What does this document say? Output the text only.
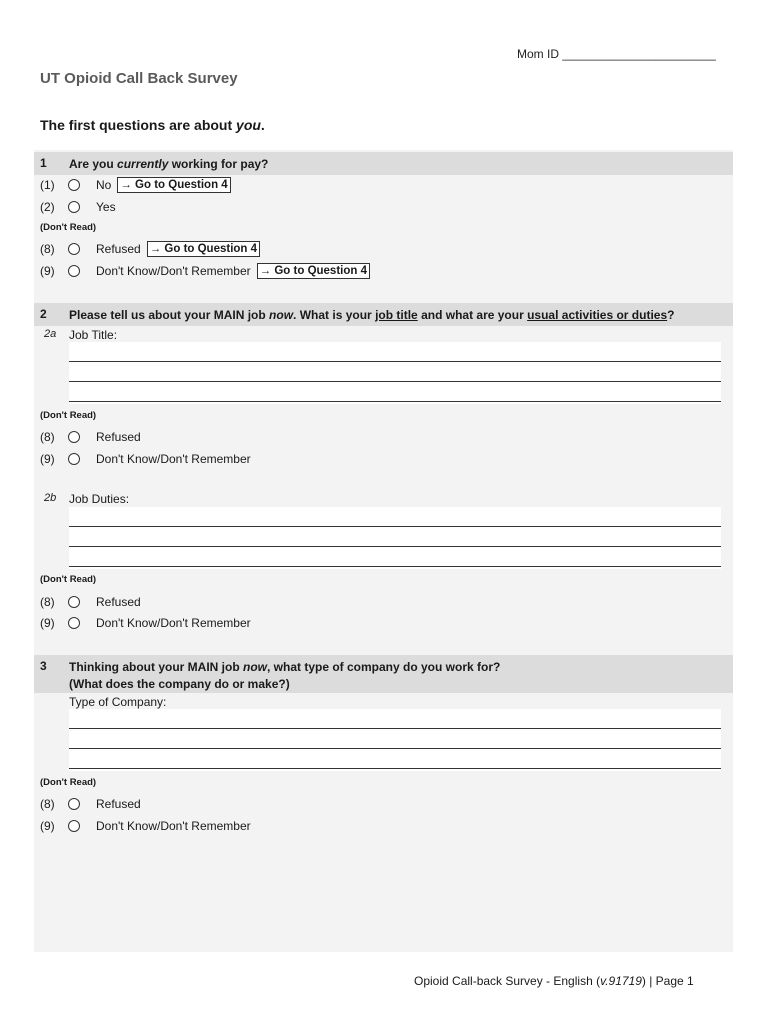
Mom ID _______________________
UT Opioid Call Back Survey
The first questions are about you.
1 Are you currently working for pay?
(1)	No → Go to Question 4
(2)	Yes
(Don't Read)
(8)	Refused → Go to Question 4
(9)	Don't Know/Don't Remember → Go to Question 4
2 Please tell us about your MAIN job now. What is your job title and what are your usual activities or duties?
2a Job Title:
(Don't Read)
(8)	Refused
(9)	Don't Know/Don't Remember
2b Job Duties:
(Don't Read)
(8)	Refused
(9)	Don't Know/Don't Remember
3 Thinking about your MAIN job now, what type of company do you work for?
(What does the company do or make?)
Type of Company:
(Don't Read)
(8)	Refused
(9)	Don't Know/Don't Remember
Opioid Call-back Survey - English (v.91719) | Page 1
